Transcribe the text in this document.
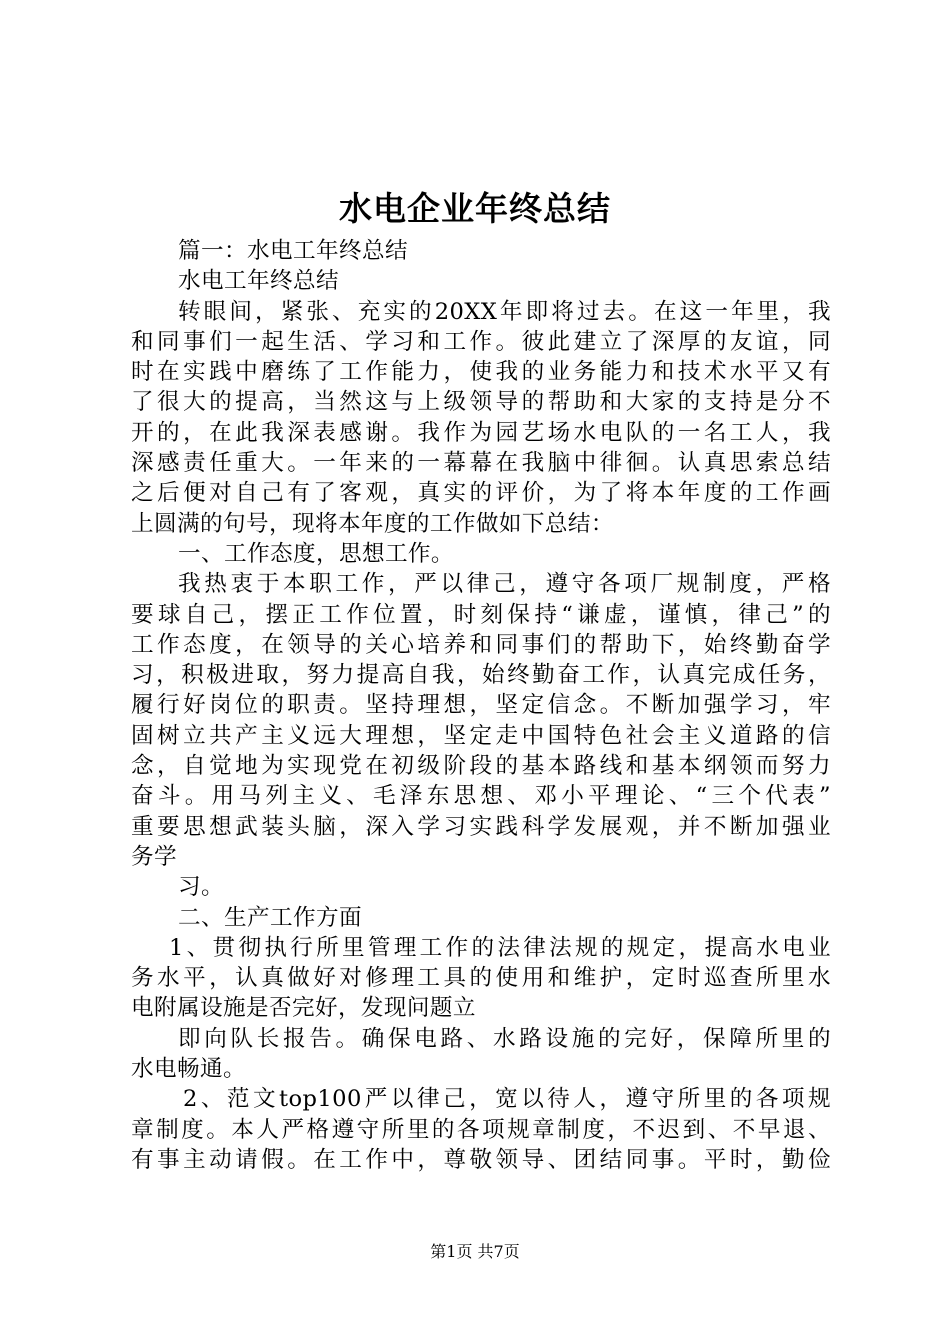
水电企业年终总结
篇一：水电工年终总结
水电工年终总结
转眼间，紧张、充实的20XX年即将过去。在这一年里，我
和同事们一起生活、学习和工作。彼此建立了深厚的友谊，同
时在实践中磨练了工作能力，使我的业务能力和技术水平又有
了很大的提高，当然这与上级领导的帮助和大家的支持是分不
开的，在此我深表感谢。我作为园艺场水电队的一名工人，我
深感责任重大。一年来的一幕幕在我脑中徘徊。认真思索总结
之后便对自己有了客观，真实的评价，为了将本年度的工作画
上圆满的句号，现将本年度的工作做如下总结：
一、工作态度，思想工作。
我热衷于本职工作，严以律己，遵守各项厂规制度，严格
要球自己，摆正工作位置，时刻保持“谦虚，谨慎，律己”的
工作态度，在领导的关心培养和同事们的帮助下，始终勤奋学
习，积极进取，努力提高自我，始终勤奋工作，认真完成任务，
履行好岗位的职责。坚持理想，坚定信念。不断加强学习，牢
固树立共产主义远大理想，坚定走中国特色社会主义道路的信
念，自觉地为实现党在初级阶段的基本路线和基本纲领而努力
奋斗。用马列主义、毛泽东思想、邓小平理论、“三个代表”
重要思想武装头脑，深入学习实践科学发展观，并不断加强业
务学
习。
二、生产工作方面
1、贯彻执行所里管理工作的法律法规的规定，提高水电业
务水平，认真做好对修理工具的使用和维护，定时巡查所里水
电附属设施是否完好，发现问题立
即向队长报告。确保电路、水路设施的完好，保障所里的
水电畅通。
2、范文top100严以律己，宽以待人，遵守所里的各项规
章制度。本人严格遵守所里的各项规章制度，不迟到、不早退、
有事主动请假。在工作中，尊敬领导、团结同事。平时，勤俭
第1页 共7页
